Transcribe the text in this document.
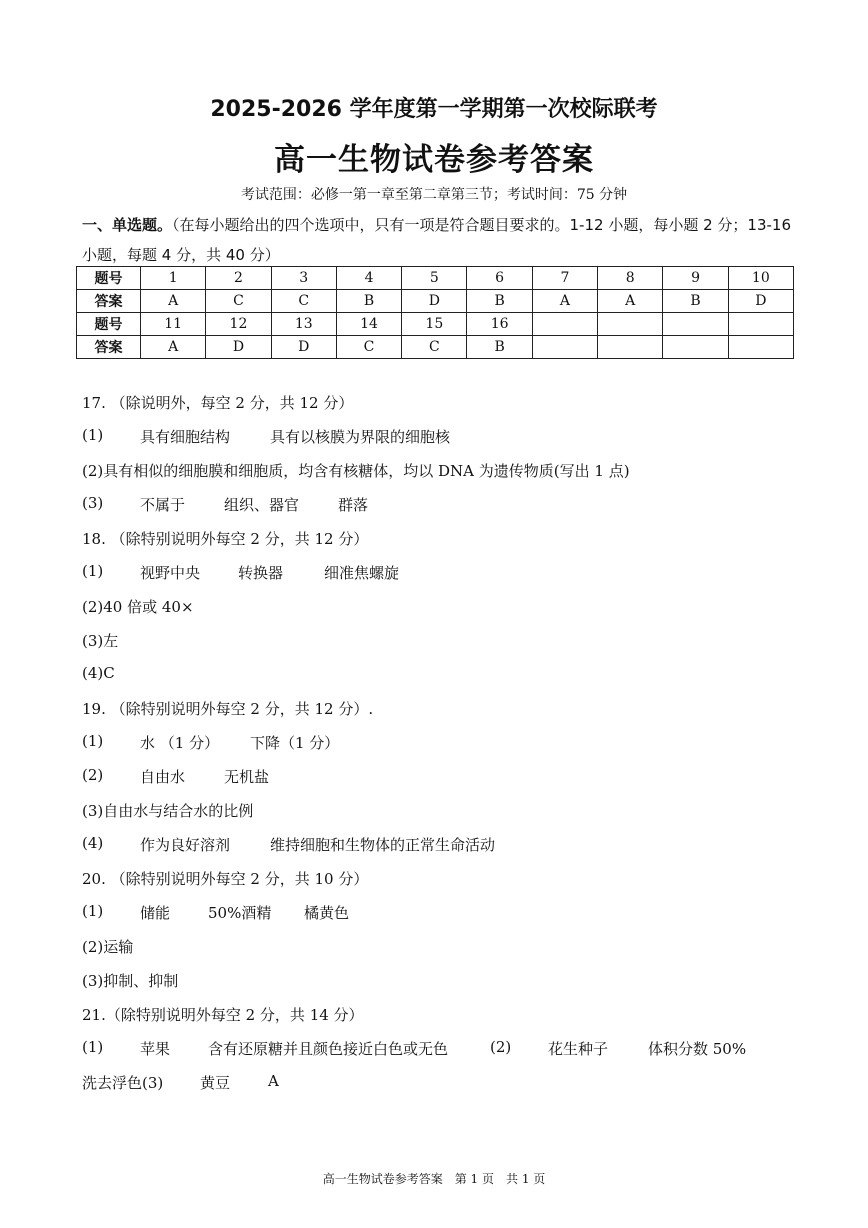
2025-2026 学年度第一学期第一次校际联考
高一生物试卷参考答案
考试范围：必修一第一章至第二章第三节；考试时间：75 分钟
一、单选题。（在每小题给出的四个选项中，只有一项是符合题目要求的。1-12 小题，每小题 2 分；13-16
小题，每题 4 分，共 40 分）
题号	1	2	3	4	5	6	7	8	9	10
答案	A	C	C	B	D	B	A	A	B	D
题号	11	12	13	14	15	16				
答案	A	D	D	C	C	B				
17. （除说明外，每空 2 分，共 12 分）
(1) 具有细胞结构	具有以核膜为界限的细胞核
(2)具有相似的细胞膜和细胞质，均含有核糖体，均以 DNA 为遗传物质(写出 1 点)
(3) 不属于	组织、器官	群落
18. （除特别说明外每空 2 分，共 12 分）
(1) 视野中央	转换器	细准焦螺旋
(2)40 倍或 40×
(3)左
(4)C
19. （除特别说明外每空 2 分，共 12 分）.
(1) 水 （1 分） 下降（1 分）
(2) 自由水	无机盐
(3)自由水与结合水的比例
(4) 作为良好溶剂	维持细胞和生物体的正常生命活动
20. （除特别说明外每空 2 分，共 10 分）
(1) 储能	50%酒精 橘黄色
(2)运输
(3)抑制、抑制
21.（除特别说明外每空 2 分，共 14 分）
(1) 苹果	含有还原糖并且颜色接近白色或无色	(2) 花生种子	体积分数 50%
洗去浮色(3) 黄豆	A
高一生物试卷参考答案　第 1 页　共 1 页
